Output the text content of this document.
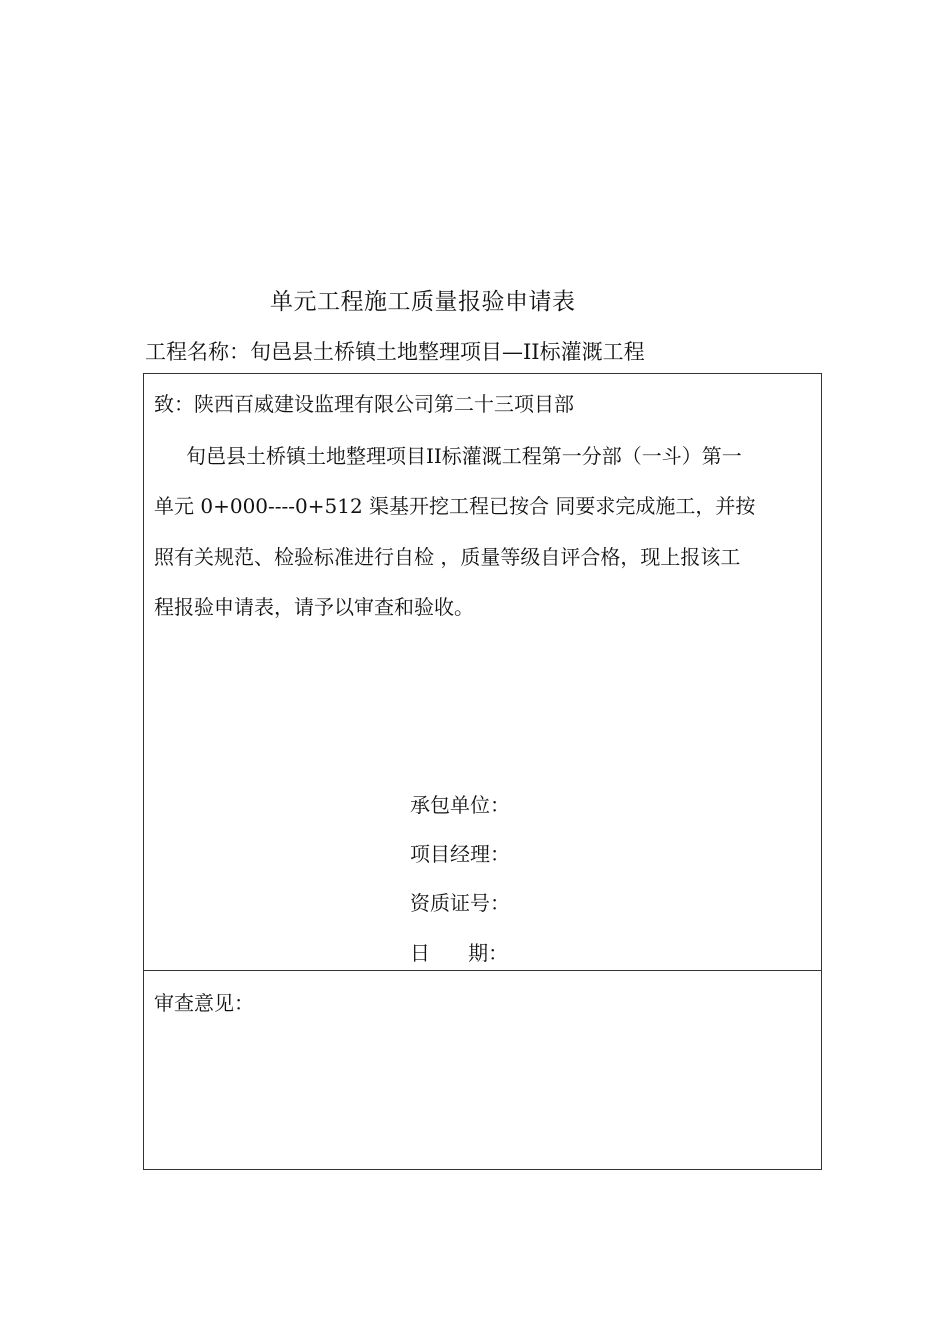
单元工程施工质量报验申请表
工程名称：旬邑县土桥镇土地整理项目—II标灌溉工程
致：陕西百威建设监理有限公司第二十三项目部
旬邑县土桥镇土地整理项目II标灌溉工程第一分部（一斗）第一
单元 0+000----0+512 渠基开挖工程已按合 同要求完成施工，并按
照有关规范、检验标准进行自检 ，质量等级自评合格，现上报该工
程报验申请表，请予以审查和验收。
承包单位：
项目经理：
资质证号：
日      期：
审查意见：
